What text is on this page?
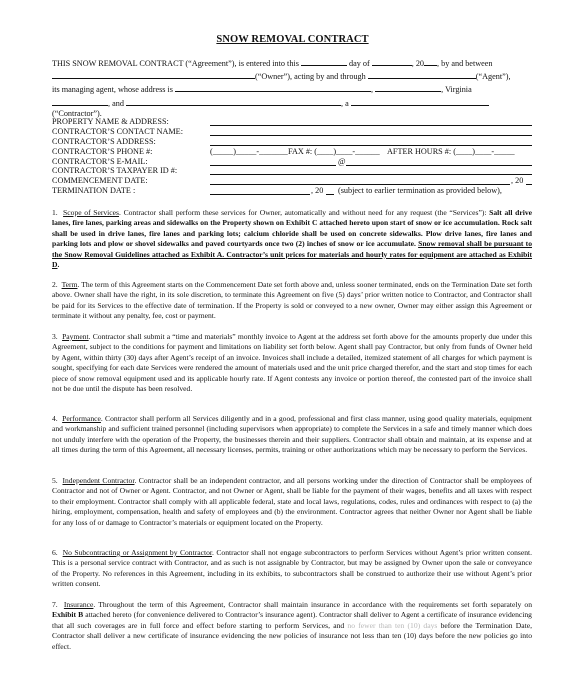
SNOW REMOVAL CONTRACT
THIS SNOW REMOVAL CONTRACT (“Agreement”), is entered into this	day of	, 20 , by and between
(“Owner”), acting by and through	(“Agent”),
its managing agent, whose address is	,	, Virginia
, and	, a
(“Contractor”).
PROPERTY NAME & ADDRESS:
CONTRACTOR’S CONTACT NAME:
CONTRACTOR’S ADDRESS:
CONTRACTOR’S PHONE #:	(_____)_____-_______ FAX #: (____)____-______ AFTER HOURS #: (____)____-_____
CONTRACTOR’S E-MAIL:	@
CONTRACTOR’S TAXPAYER ID #:
COMMENCEMENT DATE:	, 20
TERMINATION DATE :	, 20 (subject to earlier termination as provided below),
1. Scope of Services. Contractor shall perform these services for Owner, automatically and without need for any request (the “Services”): Salt all drive lanes, fire lanes, parking areas and sidewalks on the Property shown on Exhibit C attached hereto upon start of snow or ice accumulation. Rock salt shall be used in drive lanes, fire lanes and parking lots; calcium chloride shall be used on concrete sidewalks. Plow drive lanes, fire lanes and parking lots and plow or shovel sidewalks and paved courtyards once two (2) inches of snow or ice accumulate. Snow removal shall be pursuant to the Snow Removal Guidelines attached as Exhibit A. Contractor’s unit prices for materials and hourly rates for equipment are attached as Exhibit D.
2. Term. The term of this Agreement starts on the Commencement Date set forth above and, unless sooner terminated, ends on the Termination Date set forth above. Owner shall have the right, in its sole discretion, to terminate this Agreement on five (5) days’ prior written notice to Contractor, and Contractor shall be paid for its Services to the effective date of termination. If the Property is sold or conveyed to a new owner, Owner may either assign this Agreement or terminate it without any penalty, fee, cost or payment.
3. Payment. Contractor shall submit a “time and materials” monthly invoice to Agent at the address set forth above for the amounts properly due under this Agreement, subject to the conditions for payment and limitations on liability set forth below. Agent shall pay Contractor, but only from funds of Owner held by Agent, within thirty (30) days after Agent’s receipt of an invoice. Invoices shall include a detailed, itemized statement of all charges for which payment is sought, specifying for each date Services were rendered the amount of materials used and the unit price charged therefor, and the start and stop times for each piece of snow removal equipment used and its applicable hourly rate. If Agent contests any invoice or portion thereof, the contested part of the invoice shall not be due until the dispute has been resolved.
4. Performance. Contractor shall perform all Services diligently and in a good, professional and first class manner, using good quality materials, equipment and workmanship and sufficient trained personnel (including supervisors when appropriate) to complete the Services in a safe and timely manner which does not unduly interfere with the operation of the Property, the businesses therein and their suppliers. Contractor shall obtain and maintain, at its expense and at all times during the term of this Agreement, all necessary licenses, permits, training or other authorizations which may be necessary to perform the Services.
5. Independent Contractor. Contractor shall be an independent contractor, and all persons working under the direction of Contractor shall be employees of Contractor and not of Owner or Agent. Contractor, and not Owner or Agent, shall be liable for the payment of their wages, benefits and all taxes with respect to their employment. Contractor shall comply with all applicable federal, state and local laws, regulations, codes, rules and ordinances with respect to (a) the hiring, employment, compensation, health and safety of employees and (b) the environment. Contractor agrees that neither Owner nor Agent shall be liable for any loss of or damage to Contractor’s materials or equipment located on the Property.
6. No Subcontracting or Assignment by Contractor. Contractor shall not engage subcontractors to perform Services without Agent’s prior written consent. This is a personal service contract with Contractor, and as such is not assignable by Contractor, but may be assigned by Owner upon the sale or conveyance of the Property. No references in this Agreement, including in its exhibits, to subcontractors shall be construed to authorize their use without Agent’s prior written consent.
7. Insurance. Throughout the term of this Agreement, Contractor shall maintain insurance in accordance with the requirements set forth separately on Exhibit B attached hereto (for convenience delivered to Contractor’s insurance agent). Contractor shall deliver to Agent a certificate of insurance evidencing that all such coverages are in full force and effect before starting to perform Services, and no fewer than ten (10) days before the Termination Date, Contractor shall deliver a new certificate of insurance evidencing the new policies of insurance not less than ten (10) days before the new policies go into effect.
